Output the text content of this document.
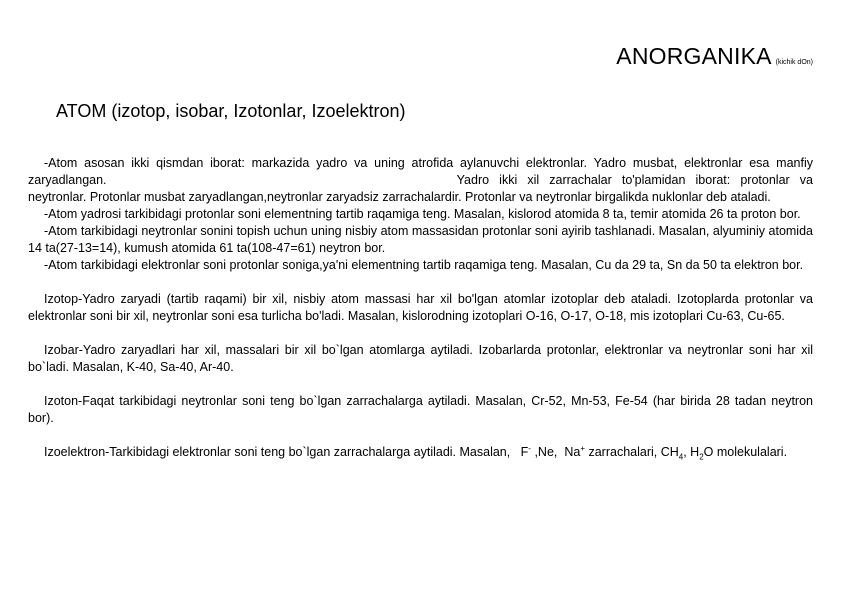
ANORGANIKA (kichik dOn)
ATOM (izotop, isobar, Izotonlar, Izoelektron)

-Atom asosan ikki qismdan iborat: markazida yadro va uning atrofida aylanuvchi elektronlar. Yadro musbat, elektronlar esa manfiy zaryadlangan.	Yadro ikki xil zarrachalar to'plamidan iborat: protonlar va neytronlar. Protonlar musbat zaryadlangan,neytronlar zaryadsiz zarrachalardir. Protonlar va neytronlar birgalikda nuklonlar deb ataladi.

-Atom yadrosi tarkibidagi protonlar soni elementning tartib raqamiga teng. Masalan, kislorod atomida 8 ta, temir atomida 26 ta proton bor.

-Atom tarkibidagi neytronlar sonini topish uchun uning nisbiy atom massasidan protonlar soni ayirib tashlanadi. Masalan, alyuminiy atomida 14 ta(27-13=14), kumush atomida 61 ta(108-47=61) neytron bor.

-Atom tarkibidagi elektronlar soni protonlar soniga,ya'ni elementning tartib raqamiga teng. Masalan, Cu da 29 ta, Sn da 50 ta elektron bor.

Izotop-Yadro zaryadi (tartib raqami) bir xil, nisbiy atom massasi har xil bo'lgan atomlar izotoplar deb ataladi. Izotoplarda protonlar va elektronlar soni bir xil, neytronlar soni esa turlicha bo'ladi. Masalan, kislorodning izotoplari O-16, O-17, O-18, mis izotoplari Cu-63, Cu-65.

Izobar-Yadro zaryadlari har xil, massalari bir xil bo`lgan atomlarga aytiladi. Izobarlarda protonlar, elektronlar va neytronlar soni har xil bo`ladi. Masalan, K-40, Sa-40, Ar-40.

Izoton-Faqat tarkibidagi neytronlar soni teng bo`lgan zarrachalarga aytiladi. Masalan, Cr-52, Mn-53, Fe-54 (har birida 28 tadan neytron bor).

Izoelektron-Tarkibidagi elektronlar soni teng bo`lgan zarrachalarga aytiladi. Masalan, F- ,Ne, Na+ zarrachalari, $CH_4$, $H_2O$ molekulalari.
